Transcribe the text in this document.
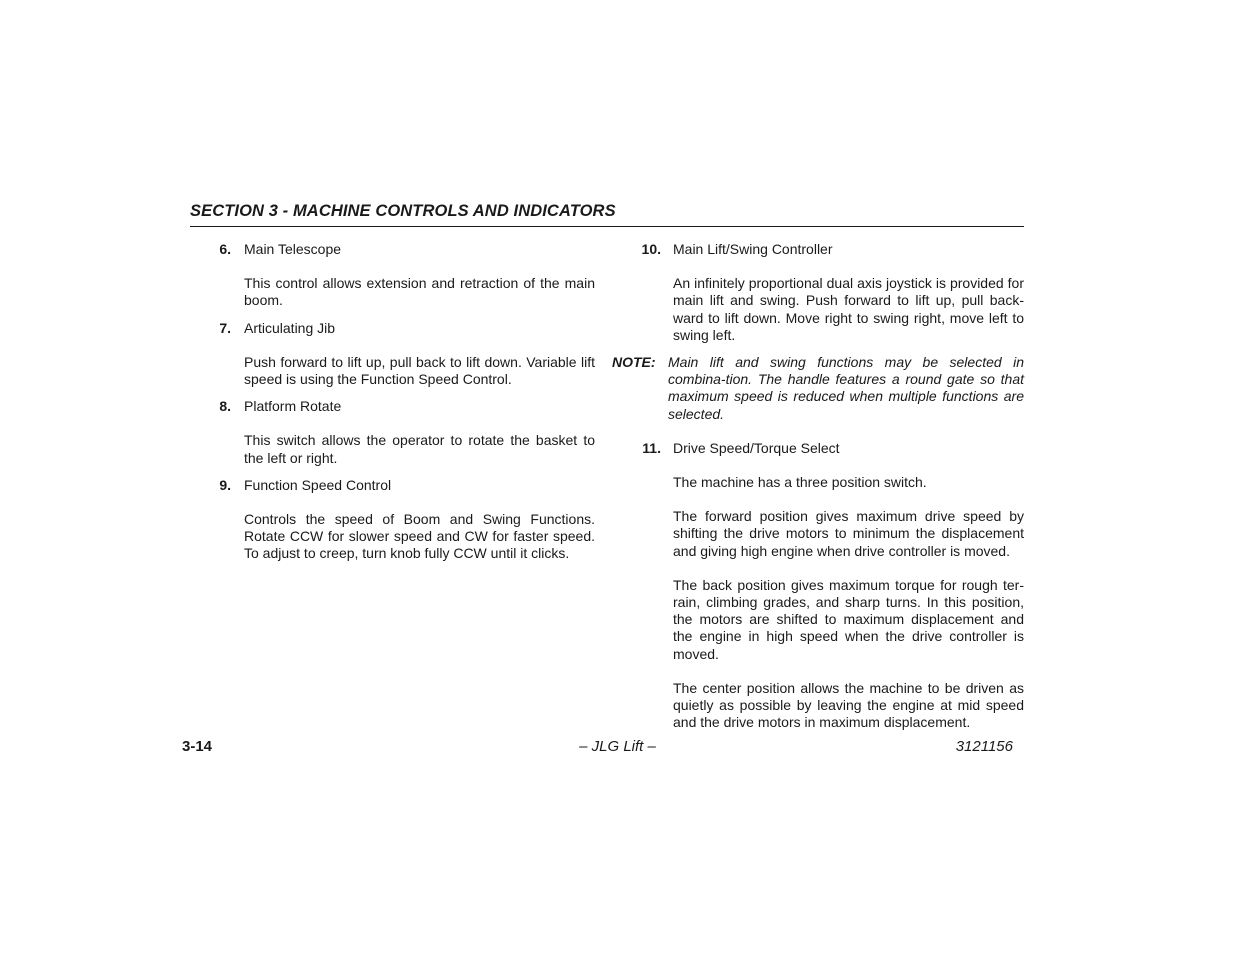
SECTION 3 - MACHINE CONTROLS AND INDICATORS
6. Main Telescope
This control allows extension and retraction of the main boom.
7. Articulating Jib
Push forward to lift up, pull back to lift down. Variable lift speed is using the Function Speed Control.
8. Platform Rotate
This switch allows the operator to rotate the basket to the left or right.
9. Function Speed Control
Controls the speed of Boom and Swing Functions. Rotate CCW for slower speed and CW for faster speed. To adjust to creep, turn knob fully CCW until it clicks.
10. Main Lift/Swing Controller
An infinitely proportional dual axis joystick is provided for main lift and swing. Push forward to lift up, pull back-ward to lift down. Move right to swing right, move left to swing left.
NOTE: Main lift and swing functions may be selected in combina-tion. The handle features a round gate so that maximum speed is reduced when multiple functions are selected.
11. Drive Speed/Torque Select
The machine has a three position switch.
The forward position gives maximum drive speed by shifting the drive motors to minimum the displacement and giving high engine when drive controller is moved.
The back position gives maximum torque for rough ter-rain, climbing grades, and sharp turns. In this position, the motors are shifted to maximum displacement and the engine in high speed when the drive controller is moved.
The center position allows the machine to be driven as quietly as possible by leaving the engine at mid speed and the drive motors in maximum displacement.
3-14	– JLG Lift –	3121156
